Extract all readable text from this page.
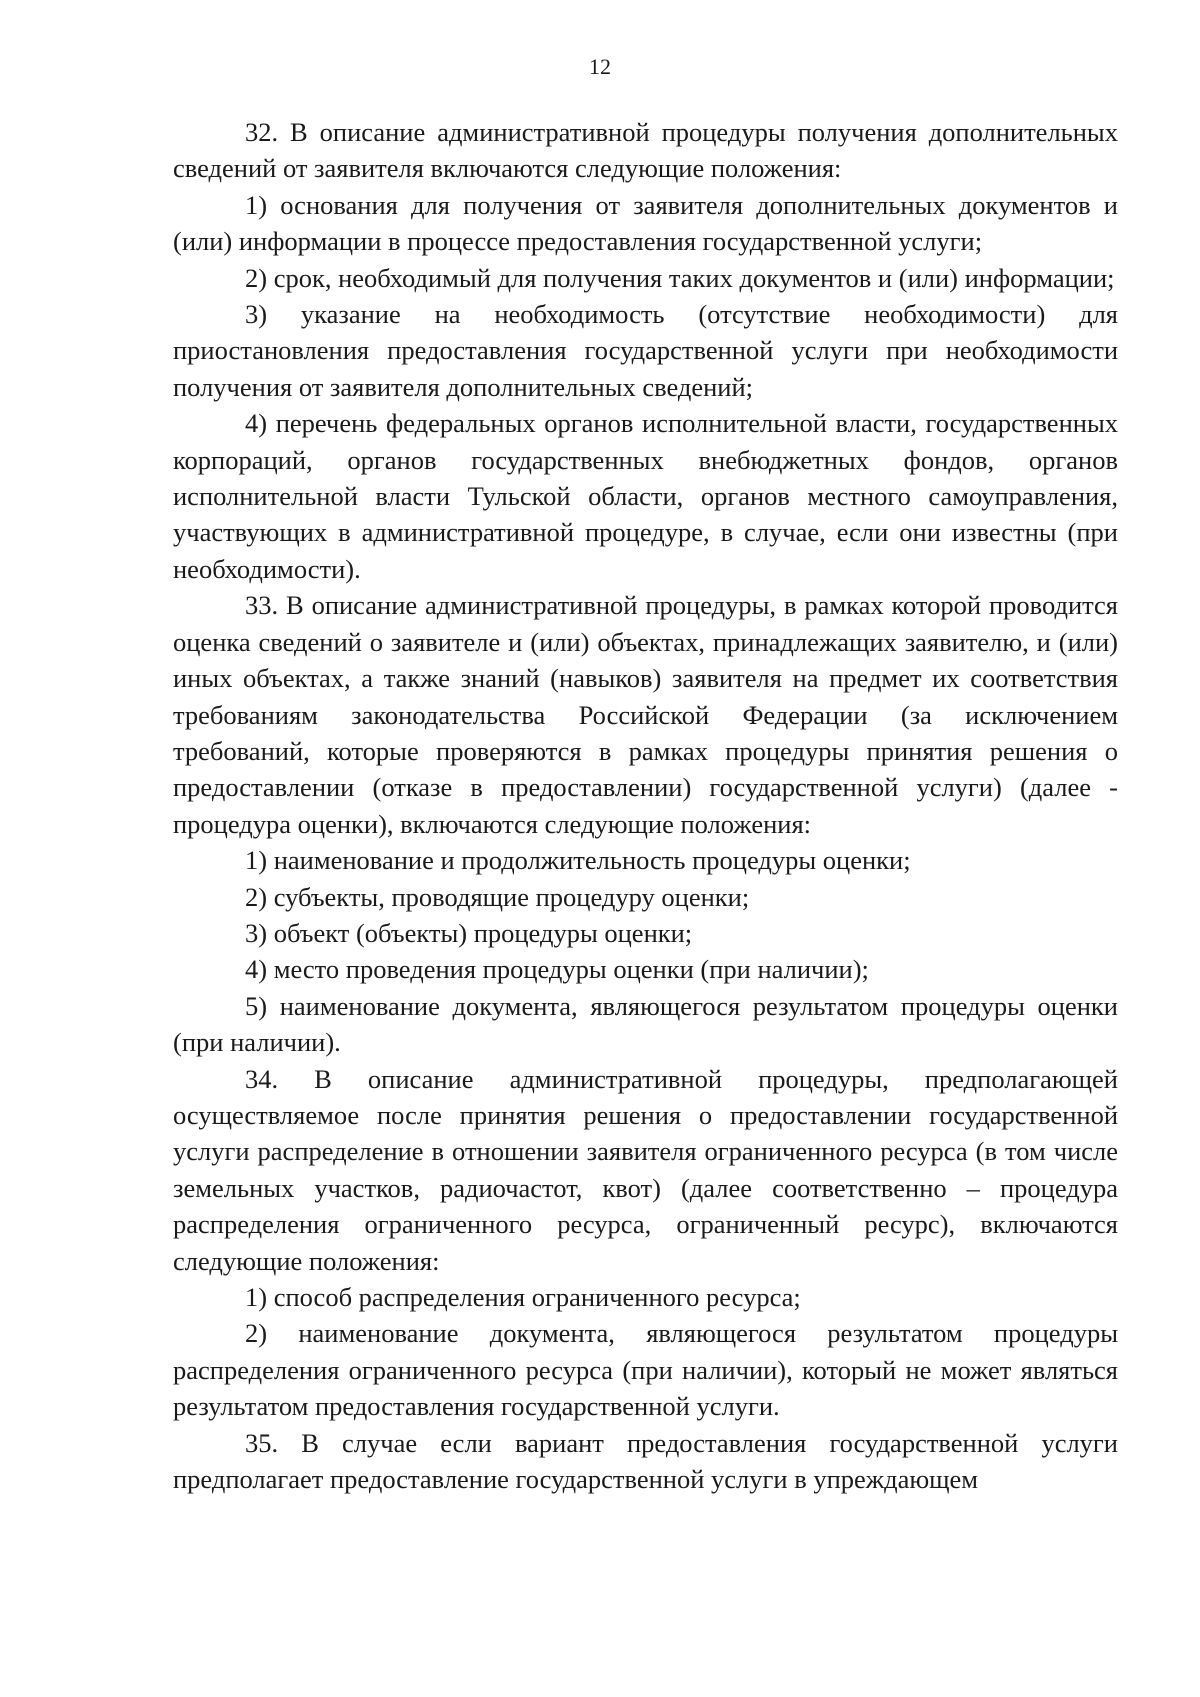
12

32. В описание административной процедуры получения дополнительных сведений от заявителя включаются следующие положения:

1) основания для получения от заявителя дополнительных документов и (или) информации в процессе предоставления государственной услуги;

2) срок, необходимый для получения таких документов и (или) информации;

3) указание на необходимость (отсутствие необходимости) для приостановления предоставления государственной услуги при необходимости получения от заявителя дополнительных сведений;

4) перечень федеральных органов исполнительной власти, государственных корпораций, органов государственных внебюджетных фондов, органов исполнительной власти Тульской области, органов местного самоуправления, участвующих в административной процедуре, в случае, если они известны (при необходимости).

33. В описание административной процедуры, в рамках которой проводится оценка сведений о заявителе и (или) объектах, принадлежащих заявителю, и (или) иных объектах, а также знаний (навыков) заявителя на предмет их соответствия требованиям законодательства Российской Федерации (за исключением требований, которые проверяются в рамках процедуры принятия решения о предоставлении (отказе в предоставлении) государственной услуги) (далее - процедура оценки), включаются следующие положения:

1) наименование и продолжительность процедуры оценки;

2) субъекты, проводящие процедуру оценки;

3) объект (объекты) процедуры оценки;

4) место проведения процедуры оценки (при наличии);

5) наименование документа, являющегося результатом процедуры оценки (при наличии).

34. В описание административной процедуры, предполагающей осуществляемое после принятия решения о предоставлении государственной услуги распределение в отношении заявителя ограниченного ресурса (в том числе земельных участков, радиочастот, квот) (далее соответственно – процедура распределения ограниченного ресурса, ограниченный ресурс), включаются следующие положения:

1) способ распределения ограниченного ресурса;

2) наименование документа, являющегося результатом процедуры распределения ограниченного ресурса (при наличии), который не может являться результатом предоставления государственной услуги.

35. В случае если вариант предоставления государственной услуги предполагает предоставление государственной услуги в упреждающем
